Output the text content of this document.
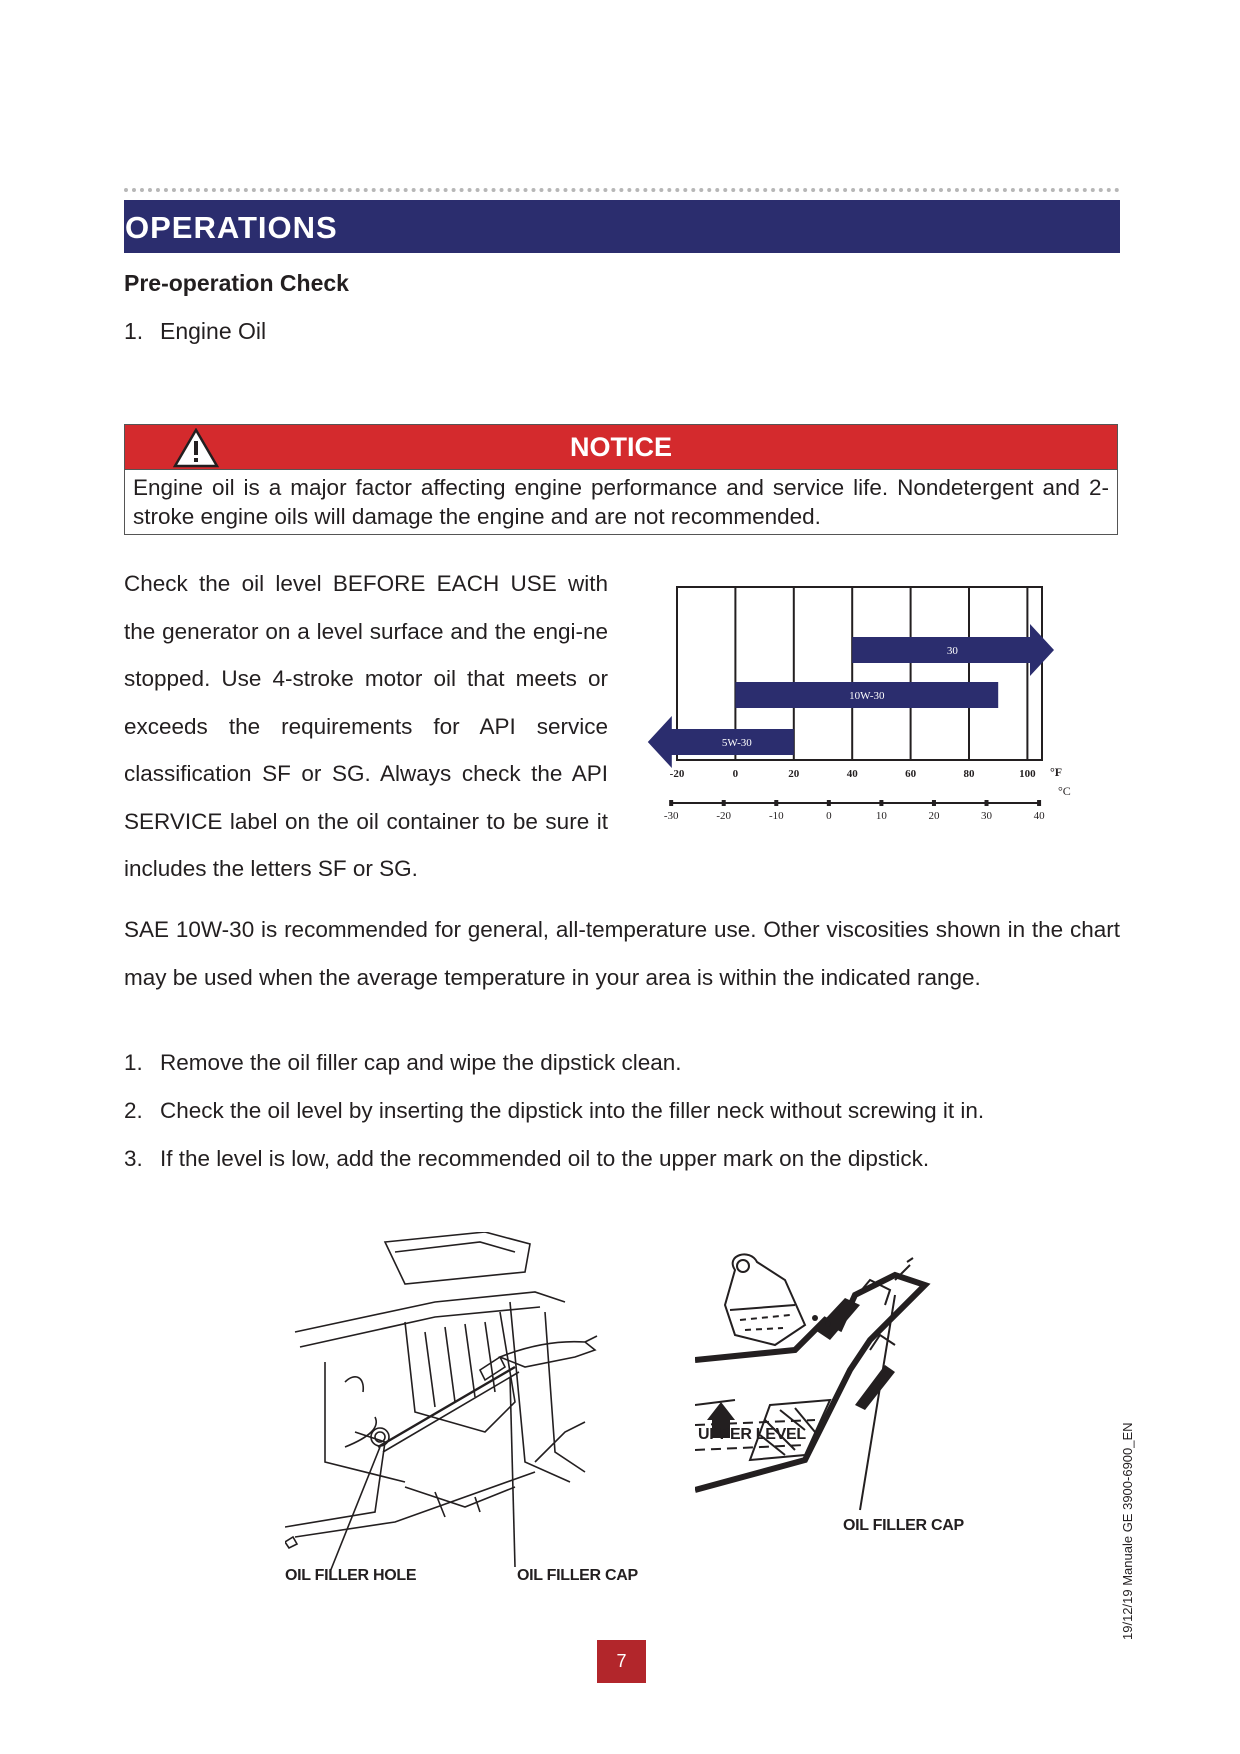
OPERATIONS
Pre-operation Check
1. Engine Oil
NOTICE
Engine oil is a major factor affecting engine performance and service life. Nondetergent and 2-stroke engine oils will damage the engine and are not recommended.
Check the oil level BEFORE EACH USE with the generator on a level surface and the engi-ne stopped. Use 4-stroke motor oil that meets or exceeds the requirements for API service classification SF or SG. Always check the API SERVICE label on the oil container to be sure it includes the letters SF or SG.
30
10W-30
5W-30
-20	0	20	40	60	80	100 °F
°C
-30	-20	-10	0	10	20	30	40
SAE 10W-30 is recommended for general, all-temperature use. Other viscosities shown in the chart may be used when the average temperature in your area is within the indicated range.
1. Remove the oil filler cap and wipe the dipstick clean.
2. Check the oil level by inserting the dipstick into the filler neck without screwing it in.
3. If the level is low, add the recommended oil to the upper mark on the dipstick.
OIL FILLER HOLE	OIL FILLER CAP
UPPER LEVEL
OIL FILLER CAP	19/12/19 Manuale GE 3900-6900_EN
7
